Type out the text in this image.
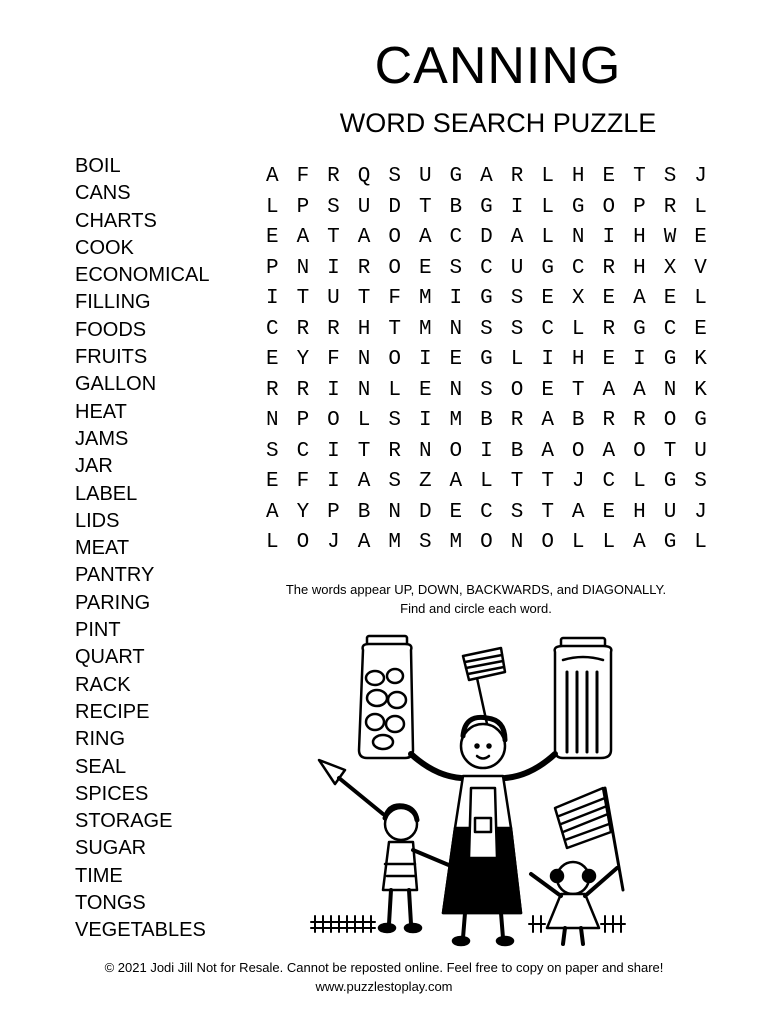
CANNING
WORD SEARCH PUZZLE
BOIL
CANS
CHARTS
COOK
ECONOMICAL
FILLING
FOODS
FRUITS
GALLON
HEAT
JAMS
JAR
LABEL
LIDS
MEAT
PANTRY
PARING
PINT
QUART
RACK
RECIPE
RING
SEAL
SPICES
STORAGE
SUGAR
TIME
TONGS
VEGETABLES
A F R Q S U G A R L H E T S J
L P S U D T B G I L G O P R L
E A T A O A C D A L N I H W E
P N I R O E S C U G C R H X V
I T U T F M I G S E X E A E L
C R R H T M N S S C L R G C E
E Y F N O I E G L I H E I G K
R R I N L E N S O E T A A N K
N P O L S I M B R A B R R O G
S C I T R N O I B A O A O T U
E F I A S Z A L T T J C L G S
A Y P B N D E C S T A E H U J
L O J A M S M O N O L L A G L
The words appear UP, DOWN, BACKWARDS, and DIAGONALLY.
Find and circle each word.
© 2021 Jodi Jill Not for Resale. Cannot be reposted online. Feel free to copy on paper and share!
www.puzzlestoplay.com
